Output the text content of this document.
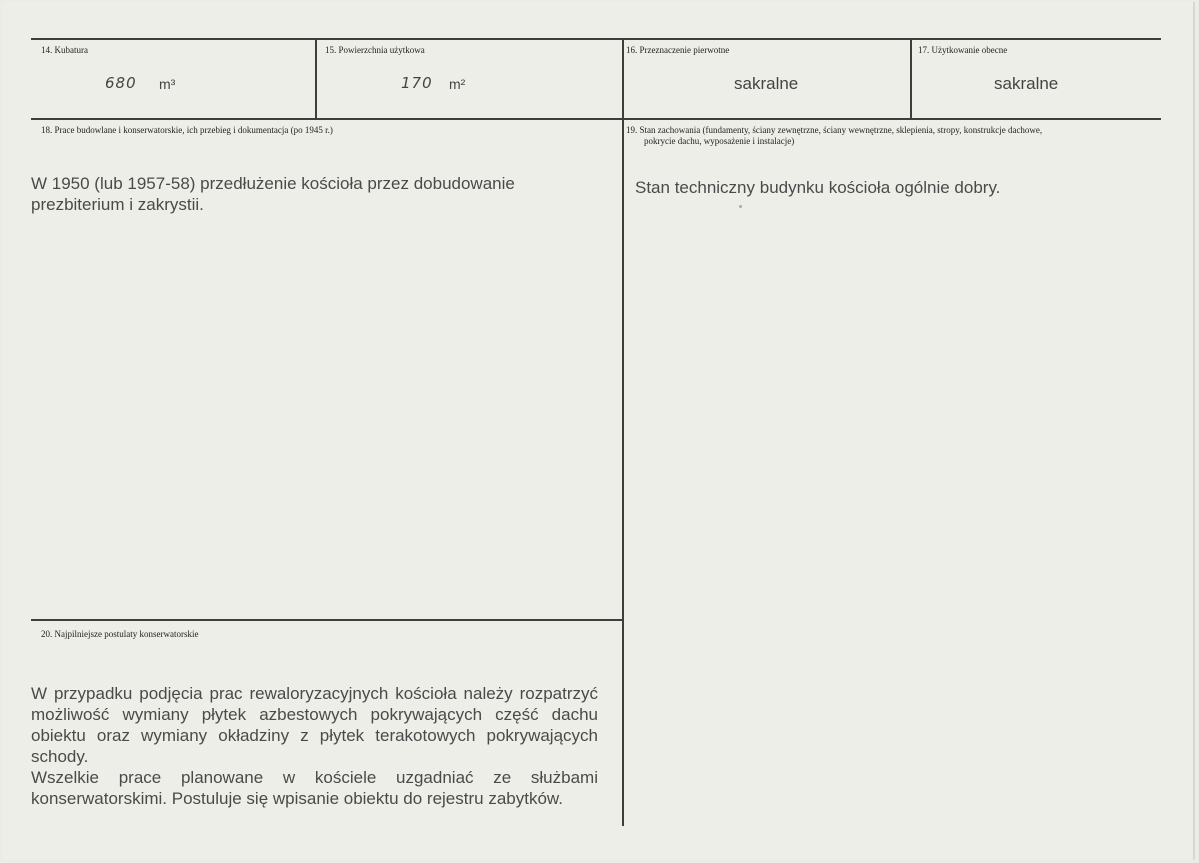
14. Kubatura
680 m³
15. Powierzchnia użytkowa
170 m²
16. Przeznaczenie pierwotne
sakralne
17. Użytkowanie obecne
sakralne
18. Prace budowlane i konserwatorskie, ich przebieg i dokumentacja (po 1945 r.)
W 1950 (lub 1957-58) przedłużenie kościoła przez dobudowanie prezbiterium i zakrystii.
19. Stan zachowania (fundamenty, ściany zewnętrzne, ściany wewnętrzne, sklepienia, stropy, konstrukcje dachowe,
pokrycie dachu, wyposażenie i instalacje)
Stan techniczny budynku kościoła ogólnie dobry.
20. Najpilniejsze postulaty konserwatorskie
W przypadku podjęcia prac rewaloryzacyjnych kościoła należy rozpatrzyć możliwość wymiany płytek azbestowych pokrywających część dachu obiektu oraz wymiany okładziny z płytek terakotowych pokrywających schody.
Wszelkie prace planowane w kościele uzgadniać ze służbami konserwatorskimi. Postuluje się wpisanie obiektu do rejestru zabytków.
